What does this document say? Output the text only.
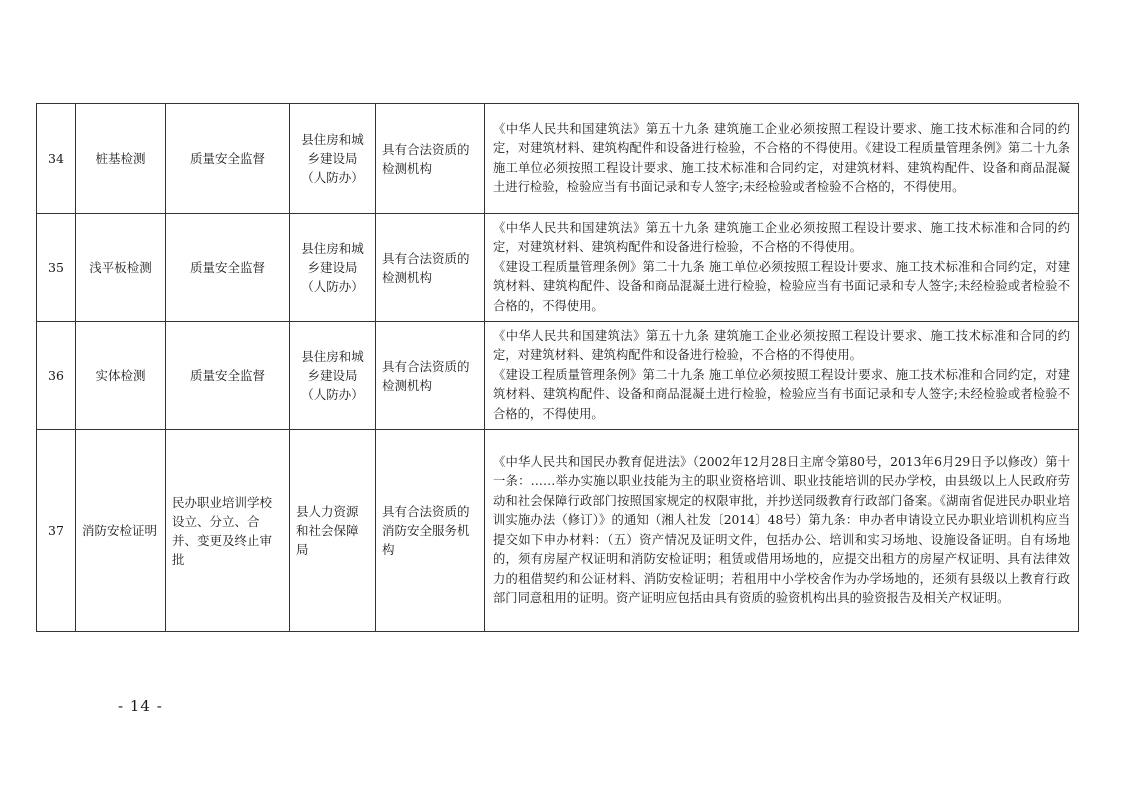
34	桩基检测	质量安全监督	县住房和城乡建设局（人防办）	具有合法资质的检测机构	《中华人民共和国建筑法》第五十九条 建筑施工企业必须按照工程设计要求、施工技术标准和合同的约定，对建筑材料、建筑构配件和设备进行检验，不合格的不得使用。《建设工程质量管理条例》第二十九条 施工单位必须按照工程设计要求、施工技术标准和合同约定，对建筑材料、建筑构配件、设备和商品混凝土进行检验，检验应当有书面记录和专人签字;未经检验或者检验不合格的，不得使用。

35	浅平板检测	质量安全监督	县住房和城乡建设局（人防办）	具有合法资质的检测机构	《中华人民共和国建筑法》第五十九条 建筑施工企业必须按照工程设计要求、施工技术标准和合同的约定，对建筑材料、建筑构配件和设备进行检验，不合格的不得使用。
《建设工程质量管理条例》第二十九条 施工单位必须按照工程设计要求、施工技术标准和合同约定，对建筑材料、建筑构配件、设备和商品混凝土进行检验，检验应当有书面记录和专人签字;未经检验或者检验不合格的，不得使用。

36	实体检测	质量安全监督	县住房和城乡建设局（人防办）	具有合法资质的检测机构	《中华人民共和国建筑法》第五十九条 建筑施工企业必须按照工程设计要求、施工技术标准和合同的约定，对建筑材料、建筑构配件和设备进行检验，不合格的不得使用。
《建设工程质量管理条例》第二十九条 施工单位必须按照工程设计要求、施工技术标准和合同约定，对建筑材料、建筑构配件、设备和商品混凝土进行检验，检验应当有书面记录和专人签字;未经检验或者检验不合格的，不得使用。

37	消防安检证明	民办职业培训学校设立、分立、合并、变更及终止审批	县人力资源和社会保障局	具有合法资质的消防安全服务机构	《中华人民共和国民办教育促进法》（2002年12月28日主席令第80号，2013年6月29日予以修改）第十一条：……举办实施以职业技能为主的职业资格培训、职业技能培训的民办学校，由县级以上人民政府劳动和社会保障行政部门按照国家规定的权限审批，并抄送同级教育行政部门备案。《湖南省促进民办职业培训实施办法（修订）》的通知（湘人社发〔2014〕48号）第九条：申办者申请设立民办职业培训机构应当提交如下申办材料：（五）资产情况及证明文件，包括办公、培训和实习场地、设施设备证明。自有场地的，须有房屋产权证明和消防安检证明；租赁或借用场地的，应提交出租方的房屋产权证明、具有法律效力的租借契约和公证材料、消防安检证明；若租用中小学校舍作为办学场地的，还须有县级以上教育行政部门同意租用的证明。资产证明应包括由具有资质的验资机构出具的验资报告及相关产权证明。
- 14 -
